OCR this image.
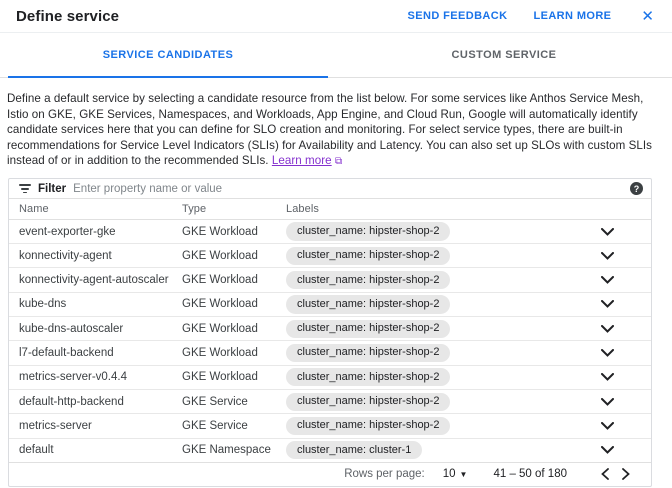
Define service	SEND FEEDBACK LEARN MORE ✕
SERVICE CANDIDATES	CUSTOM SERVICE

Define a default service by selecting a candidate resource from the list below. For some services like Anthos Service Mesh, Istio on GKE, GKE Services, Namespaces, and Workloads, App Engine, and Cloud Run, Google will automatically identify candidate services here that you can define for SLO creation and monitoring. For select service types, there are built-in recommendations for Service Level Indicators (SLIs) for Availability and Latency. You can also set up SLOs with custom SLIs instead of or in addition to the recommended SLIs. Learn more ⧉

Filter
Enter property name or value	?
Name	Type	Labels
event-exporter-gke	GKE Workload	cluster_name: hipster-shop-2
konnectivity-agent	GKE Workload	cluster_name: hipster-shop-2
konnectivity-agent-autoscaler	GKE Workload	cluster_name: hipster-shop-2
kube-dns	GKE Workload	cluster_name: hipster-shop-2
kube-dns-autoscaler	GKE Workload	cluster_name: hipster-shop-2
l7-default-backend	GKE Workload	cluster_name: hipster-shop-2
metrics-server-v0.4.4	GKE Workload	cluster_name: hipster-shop-2
default-http-backend	GKE Service	cluster_name: hipster-shop-2
metrics-server	GKE Service	cluster_name: hipster-shop-2
default	GKE Namespace	cluster_name: cluster-1
Rows per page: 10 ▼ 41 – 50 of 180
